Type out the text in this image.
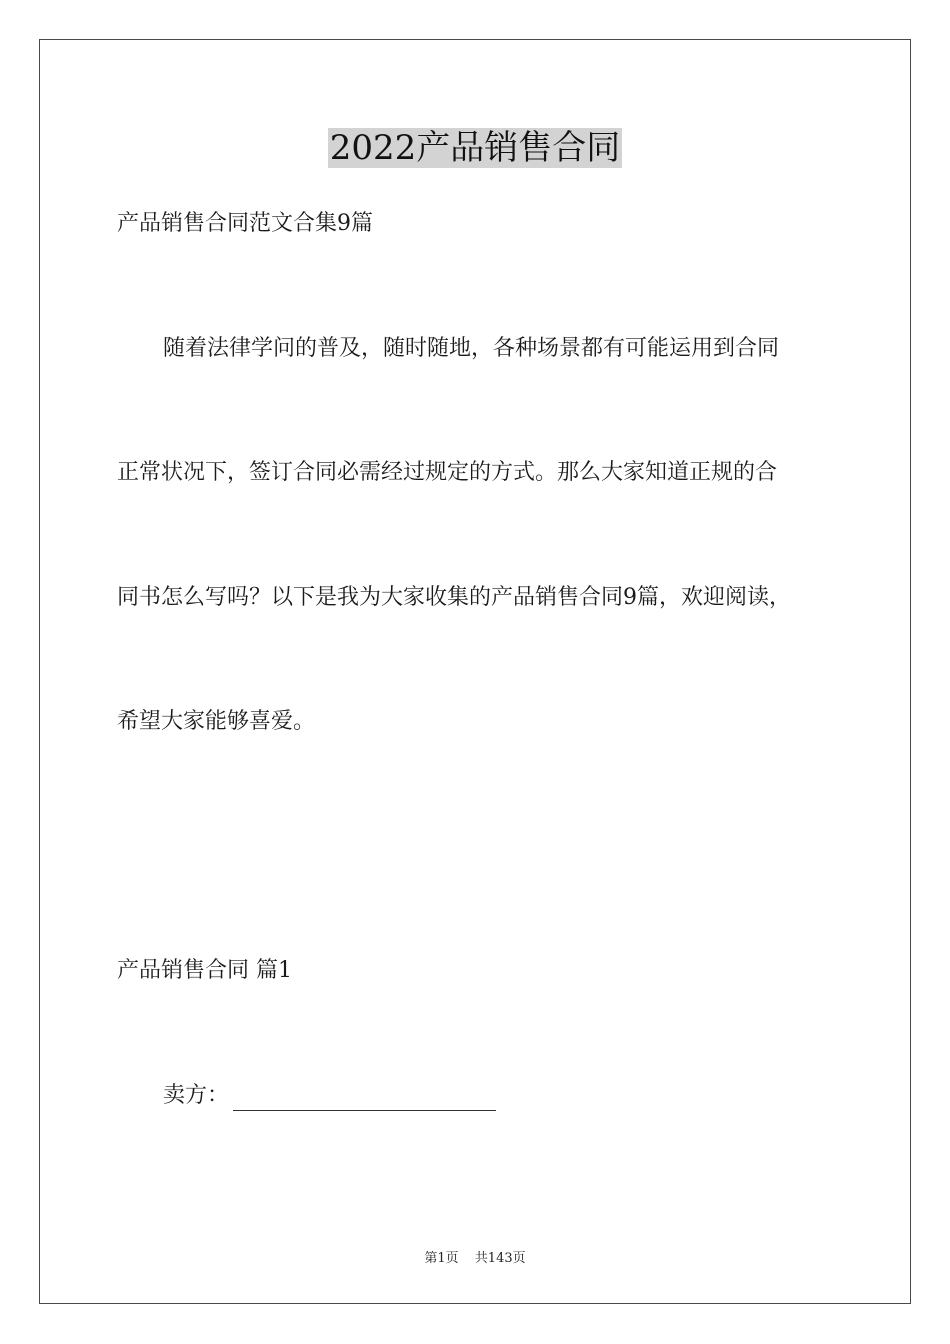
2022产品销售合同
产品销售合同范文合集9篇
随着法律学问的普及，随时随地，各种场景都有可能运用到合同
正常状况下，签订合同必需经过规定的方式。那么大家知道正规的合
同书怎么写吗？以下是我为大家收集的产品销售合同9篇，欢迎阅读，
希望大家能够喜爱。
产品销售合同 篇1
卖方：
第1页 共143页
